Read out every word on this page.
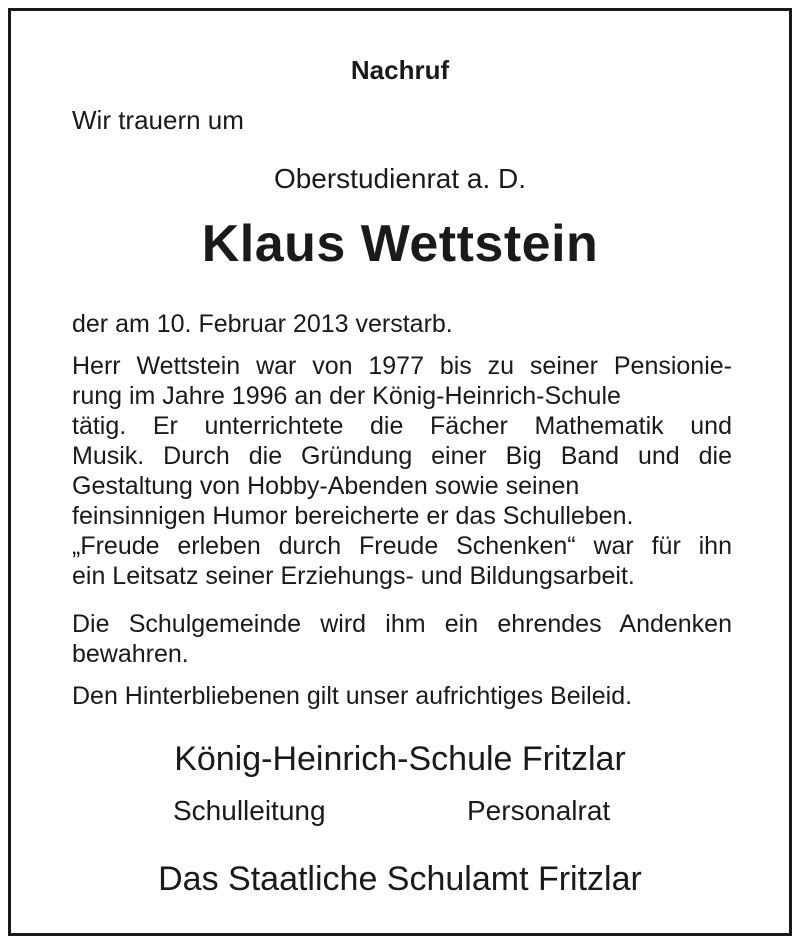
Nachruf
Wir trauern um
Oberstudienrat a. D.
Klaus Wettstein
der am 10. Februar 2013 verstarb.
Herr Wettstein war von 1977 bis zu seiner Pensionie-
rung im Jahre 1996 an der König-Heinrich-Schule
tätig. Er unterrichtete die Fächer Mathematik und
Musik. Durch die Gründung einer Big Band und die
Gestaltung von Hobby-Abenden sowie seinen
feinsinnigen Humor bereicherte er das Schulleben.
„Freude erleben durch Freude Schenken“ war für ihn
ein Leitsatz seiner Erziehungs- und Bildungsarbeit.
Die Schulgemeinde wird ihm ein ehrendes Andenken
bewahren.
Den Hinterbliebenen gilt unser aufrichtiges Beileid.
König-Heinrich-Schule Fritzlar
Schulleitung	Personalrat
Das Staatliche Schulamt Fritzlar
